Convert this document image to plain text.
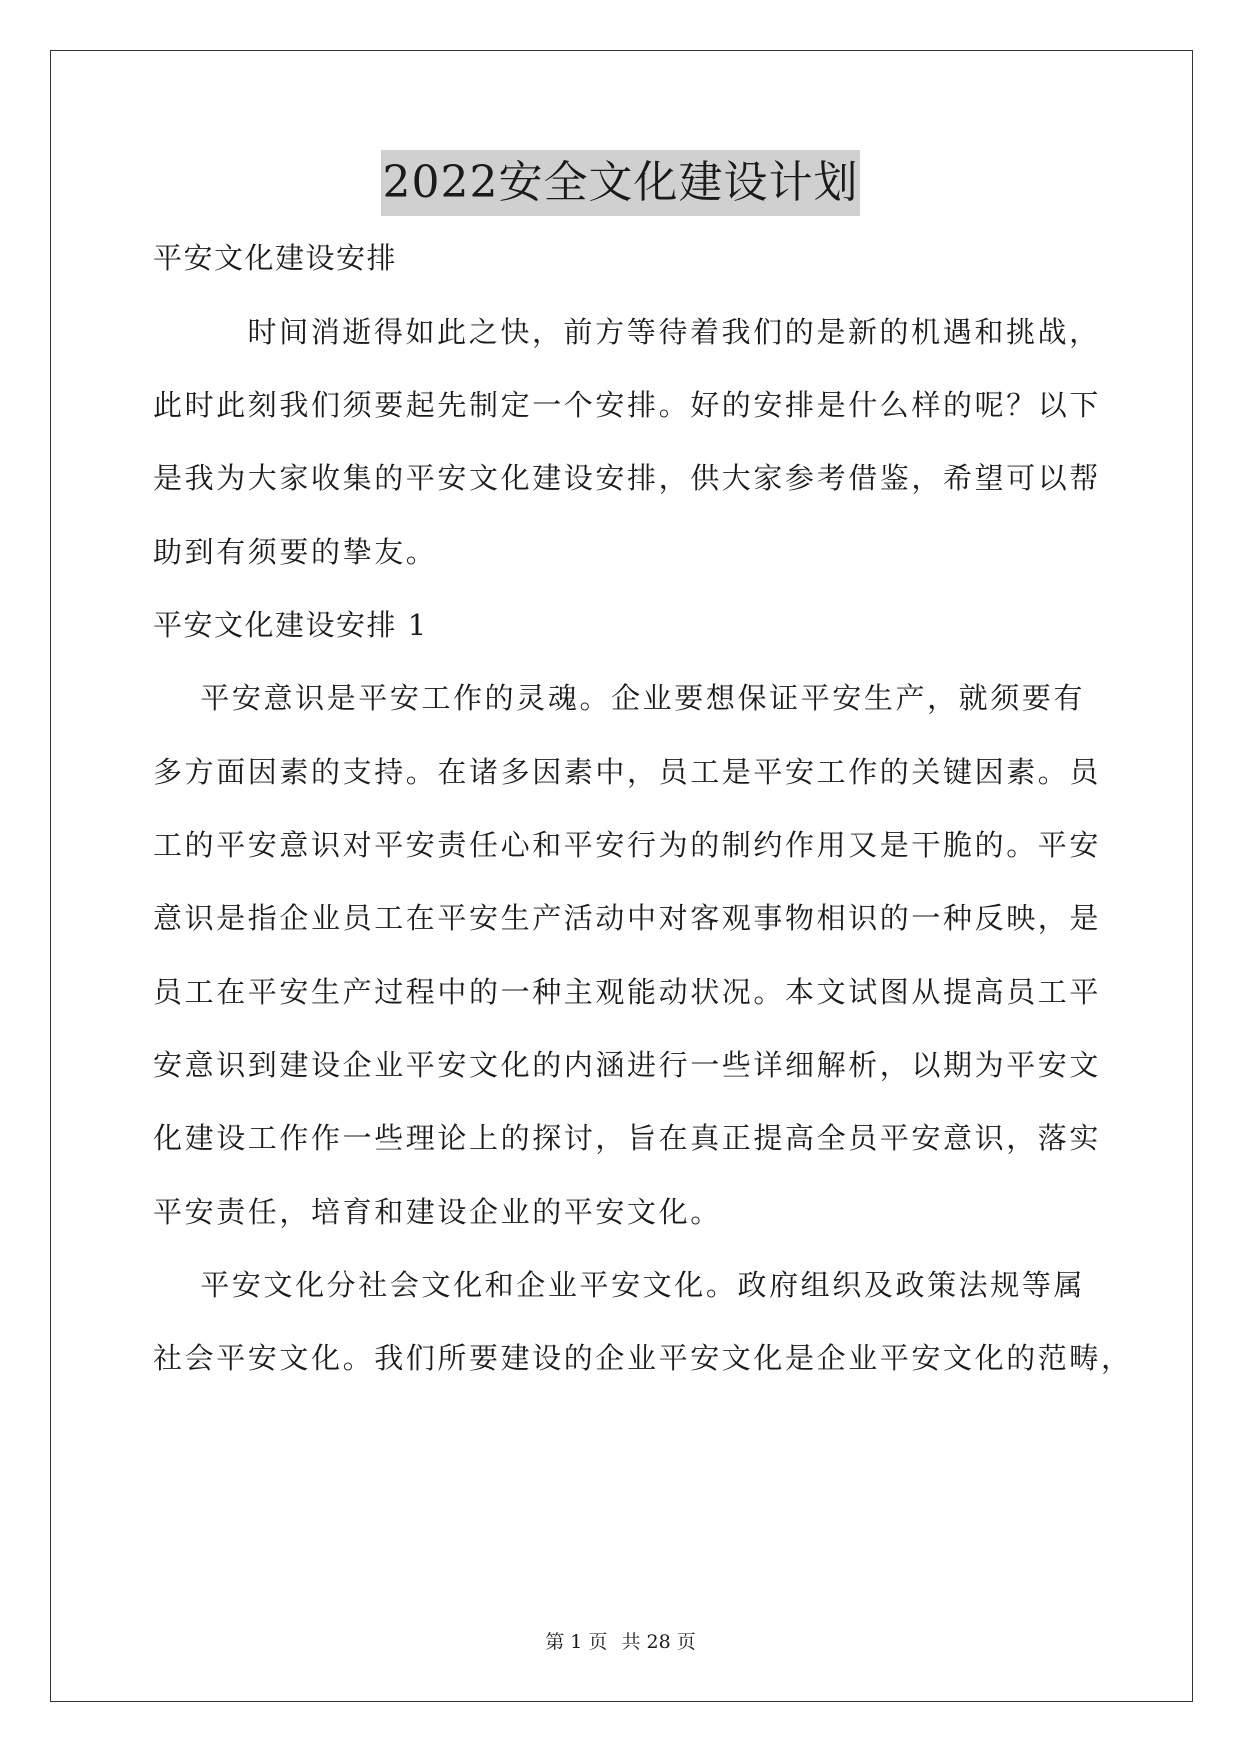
2022安全文化建设计划
平安文化建设安排
时间消逝得如此之快，前方等待着我们的是新的机遇和挑战，
此时此刻我们须要起先制定一个安排。好的安排是什么样的呢？以下
是我为大家收集的平安文化建设安排，供大家参考借鉴，希望可以帮
助到有须要的挚友。
平安文化建设安排 1
平安意识是平安工作的灵魂。企业要想保证平安生产，就须要有
多方面因素的支持。在诸多因素中，员工是平安工作的关键因素。员
工的平安意识对平安责任心和平安行为的制约作用又是干脆的。平安
意识是指企业员工在平安生产活动中对客观事物相识的一种反映，是
员工在平安生产过程中的一种主观能动状况。本文试图从提高员工平
安意识到建设企业平安文化的内涵进行一些详细解析，以期为平安文
化建设工作作一些理论上的探讨，旨在真正提高全员平安意识，落实
平安责任，培育和建设企业的平安文化。
平安文化分社会文化和企业平安文化。政府组织及政策法规等属
社会平安文化。我们所要建设的企业平安文化是企业平安文化的范畴，
第 1 页 共 28 页
